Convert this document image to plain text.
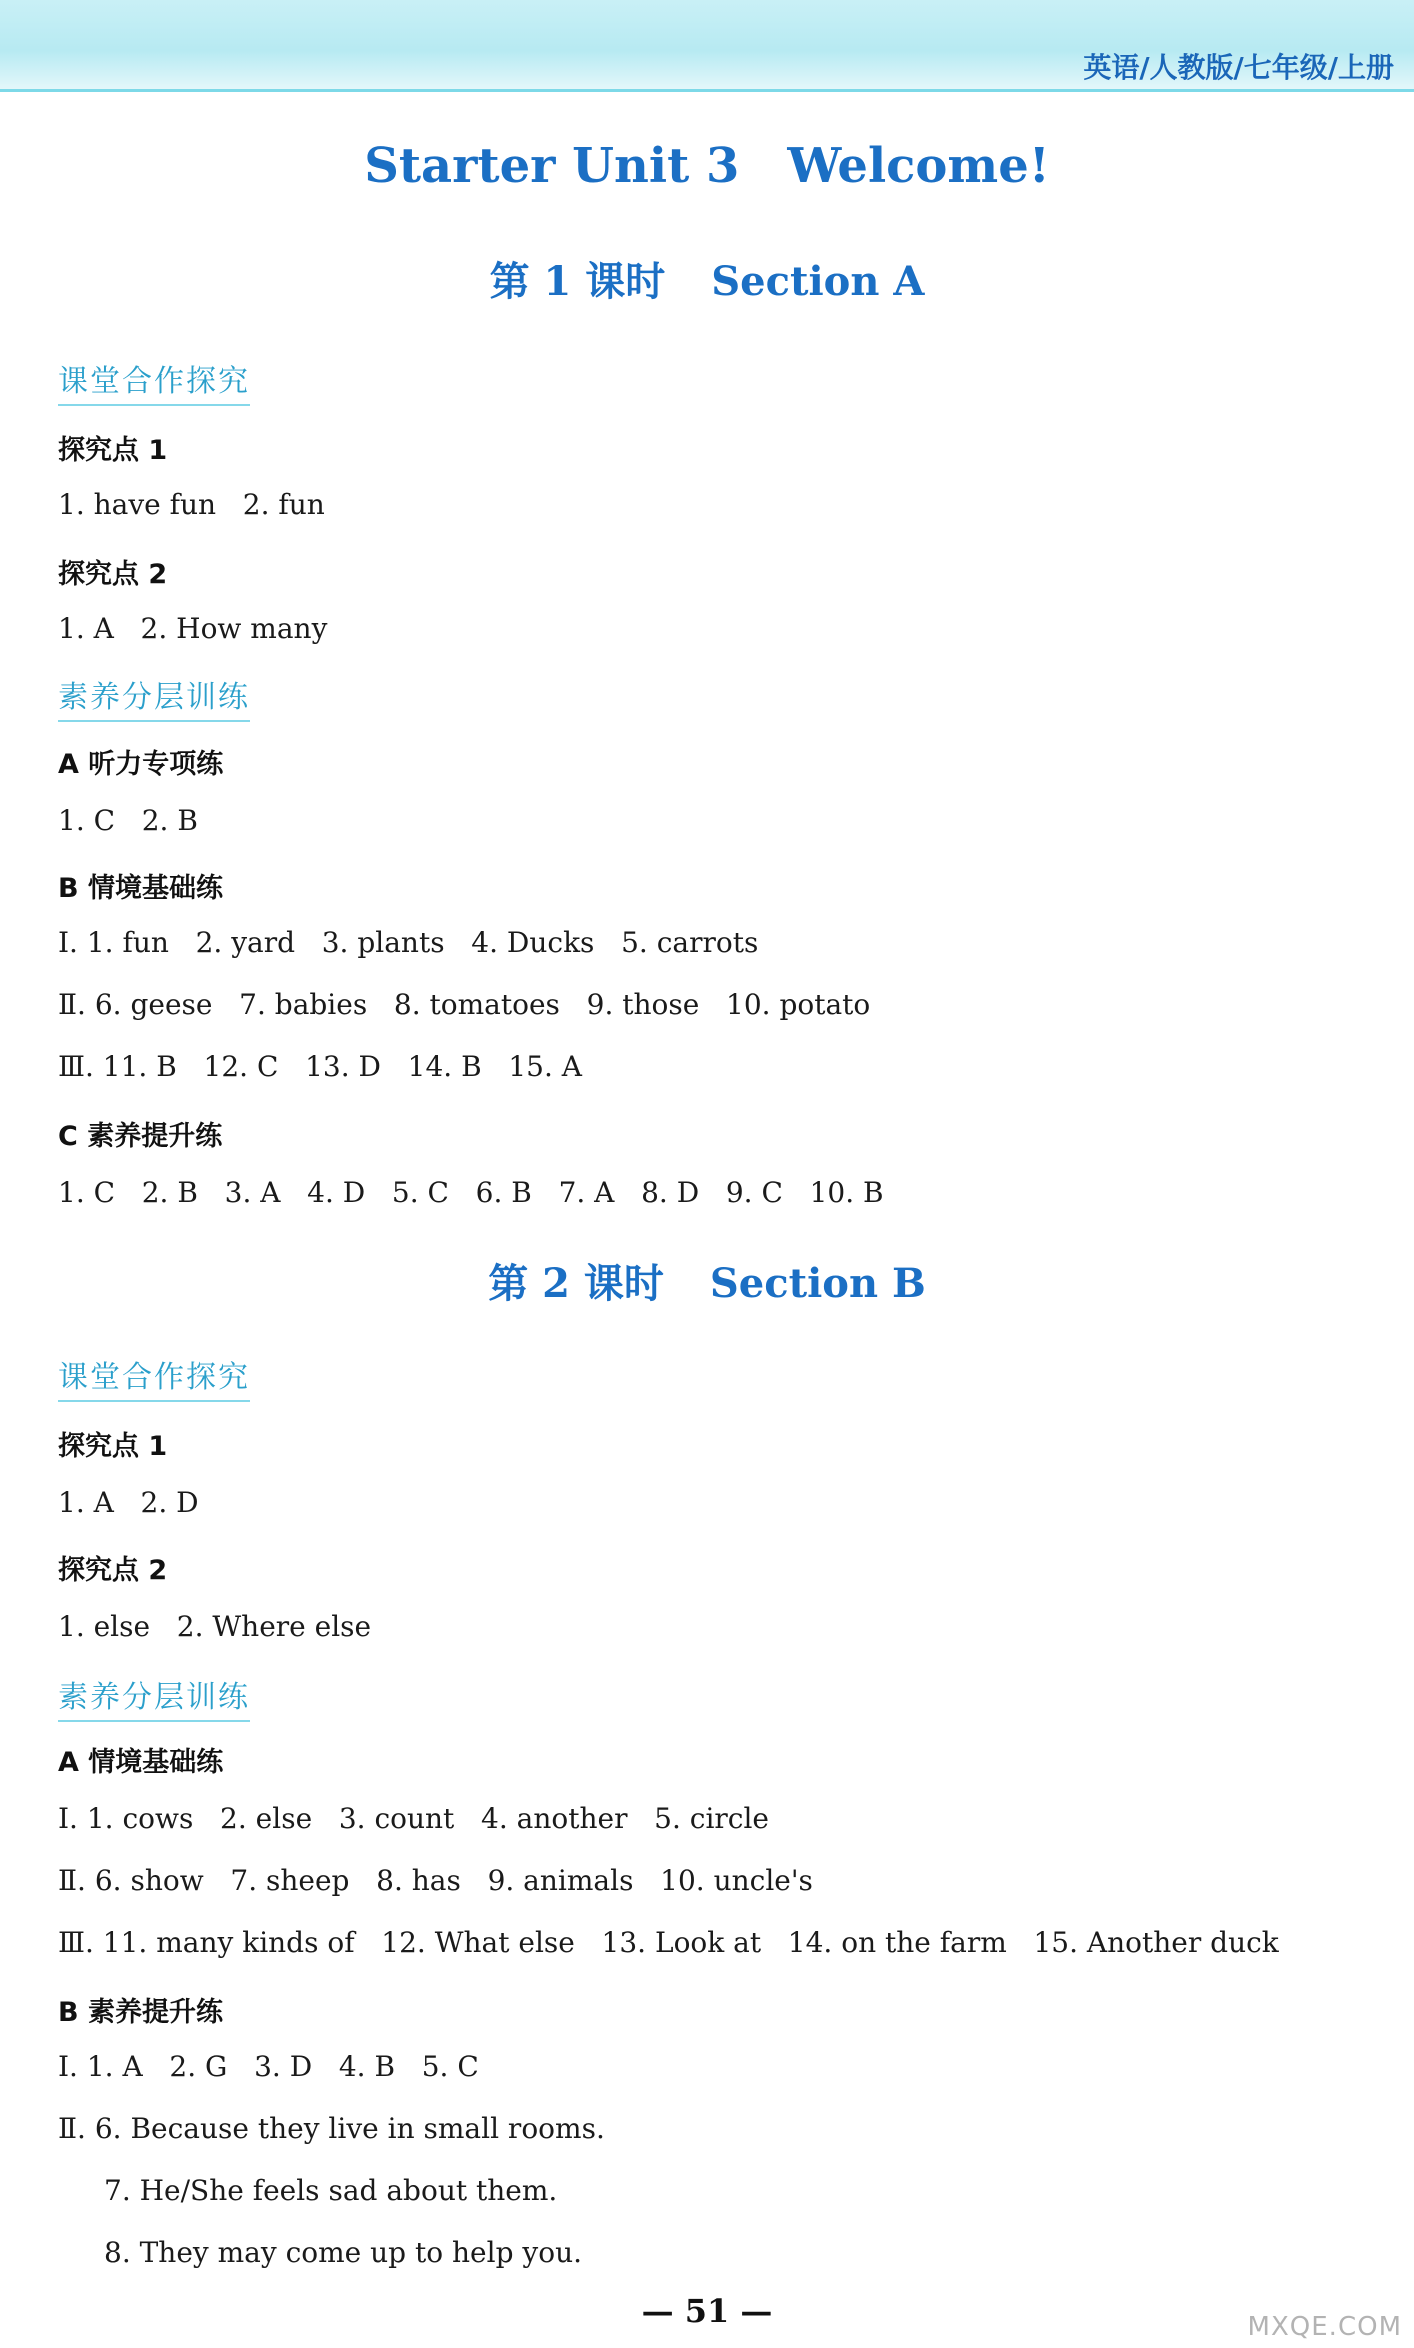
英语/人教版/七年级/上册
Starter Unit 3 Welcome!
第 1 课时 Section A
课堂合作探究
探究点 1
1. have fun   2. fun
探究点 2
1. A   2. How many
素养分层训练
A 听力专项练
1. C   2. B
B 情境基础练
Ⅰ. 1. fun   2. yard   3. plants   4. Ducks   5. carrots
Ⅱ. 6. geese   7. babies   8. tomatoes   9. those   10. potato
Ⅲ. 11. B   12. C   13. D   14. B   15. A
C 素养提升练
1. C   2. B   3. A   4. D   5. C   6. B   7. A   8. D   9. C   10. B
第 2 课时 Section B
课堂合作探究
探究点 1
1. A   2. D
探究点 2
1. else   2. Where else
素养分层训练
A 情境基础练
Ⅰ. 1. cows   2. else   3. count   4. another   5. circle
Ⅱ. 6. show   7. sheep   8. has   9. animals   10. uncle's
Ⅲ. 11. many kinds of   12. What else   13. Look at   14. on the farm   15. Another duck
B 素养提升练
Ⅰ. 1. A   2. G   3. D   4. B   5. C
Ⅱ. 6. Because they live in small rooms.
7. He/She feels sad about them.
8. They may come up to help you.
— 51 —	MXQE.COM
